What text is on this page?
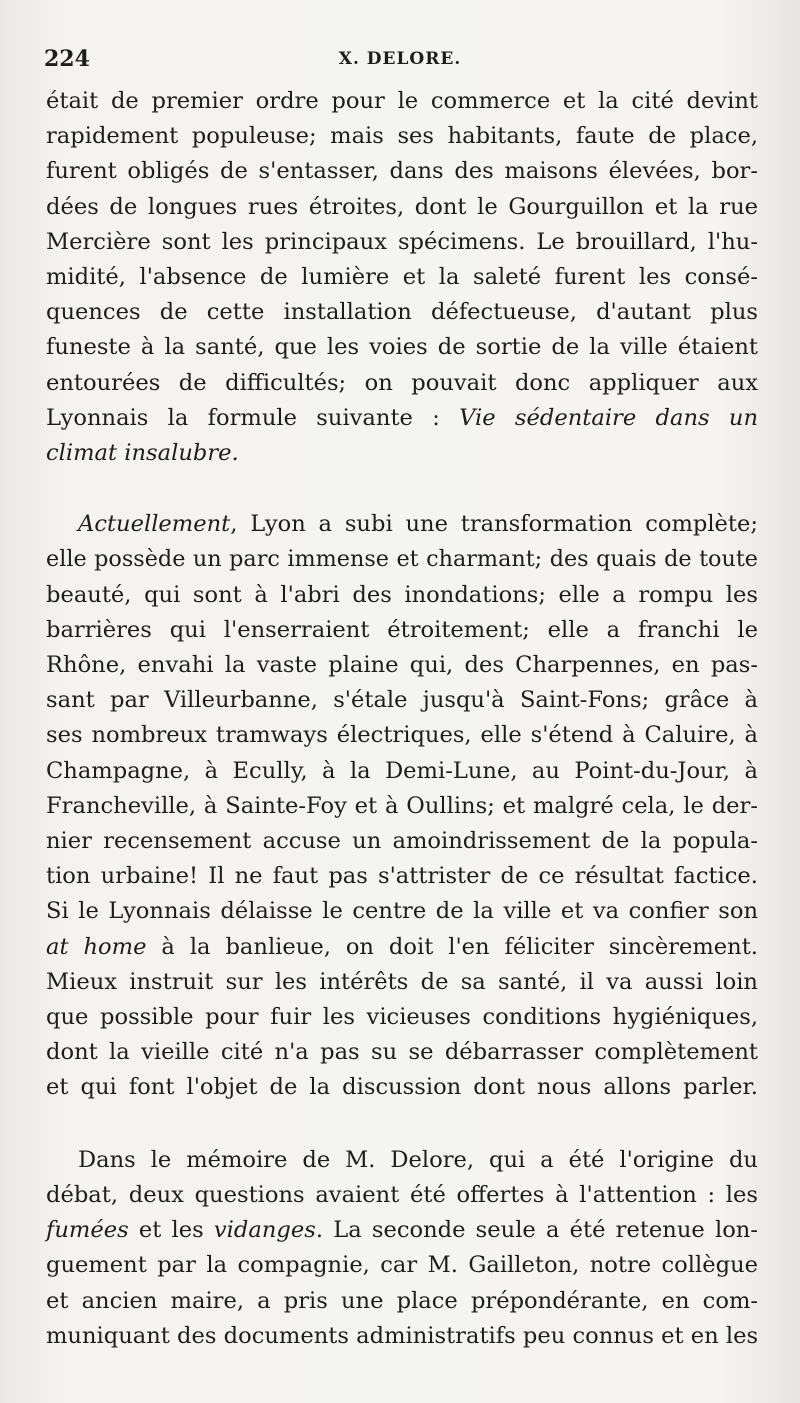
224	X. DELORE.
était de premier ordre pour le commerce et la cité devint
rapidement populeuse; mais ses habitants, faute de place,
furent obligés de s'entasser, dans des maisons élevées, bor-
dées de longues rues étroites, dont le Gourguillon et la rue
Mercière sont les principaux spécimens. Le brouillard, l'hu-
midité, l'absence de lumière et la saleté furent les consé-
quences de cette installation défectueuse, d'autant plus
funeste à la santé, que les voies de sortie de la ville étaient
entourées de difficultés; on pouvait donc appliquer aux
Lyonnais la formule suivante : Vie sédentaire dans un
climat insalubre.
Actuellement, Lyon a subi une transformation complète;
elle possède un parc immense et charmant; des quais de toute
beauté, qui sont à l'abri des inondations; elle a rompu les
barrières qui l'enserraient étroitement; elle a franchi le
Rhône, envahi la vaste plaine qui, des Charpennes, en pas-
sant par Villeurbanne, s'étale jusqu'à Saint-Fons; grâce à
ses nombreux tramways électriques, elle s'étend à Caluire, à
Champagne, à Ecully, à la Demi-Lune, au Point-du-Jour, à
Francheville, à Sainte-Foy et à Oullins; et malgré cela, le der-
nier recensement accuse un amoindrissement de la popula-
tion urbaine! Il ne faut pas s'attrister de ce résultat factice.
Si le Lyonnais délaisse le centre de la ville et va confier son
at home à la banlieue, on doit l'en féliciter sincèrement.
Mieux instruit sur les intérêts de sa santé, il va aussi loin
que possible pour fuir les vicieuses conditions hygiéniques,
dont la vieille cité n'a pas su se débarrasser complètement
et qui font l'objet de la discussion dont nous allons parler.
Dans le mémoire de M. Delore, qui a été l'origine du
débat, deux questions avaient été offertes à l'attention : les
fumées et les vidanges. La seconde seule a été retenue lon-
guement par la compagnie, car M. Gailleton, notre collègue
et ancien maire, a pris une place prépondérante, en com-
muniquant des documents administratifs peu connus et en les
